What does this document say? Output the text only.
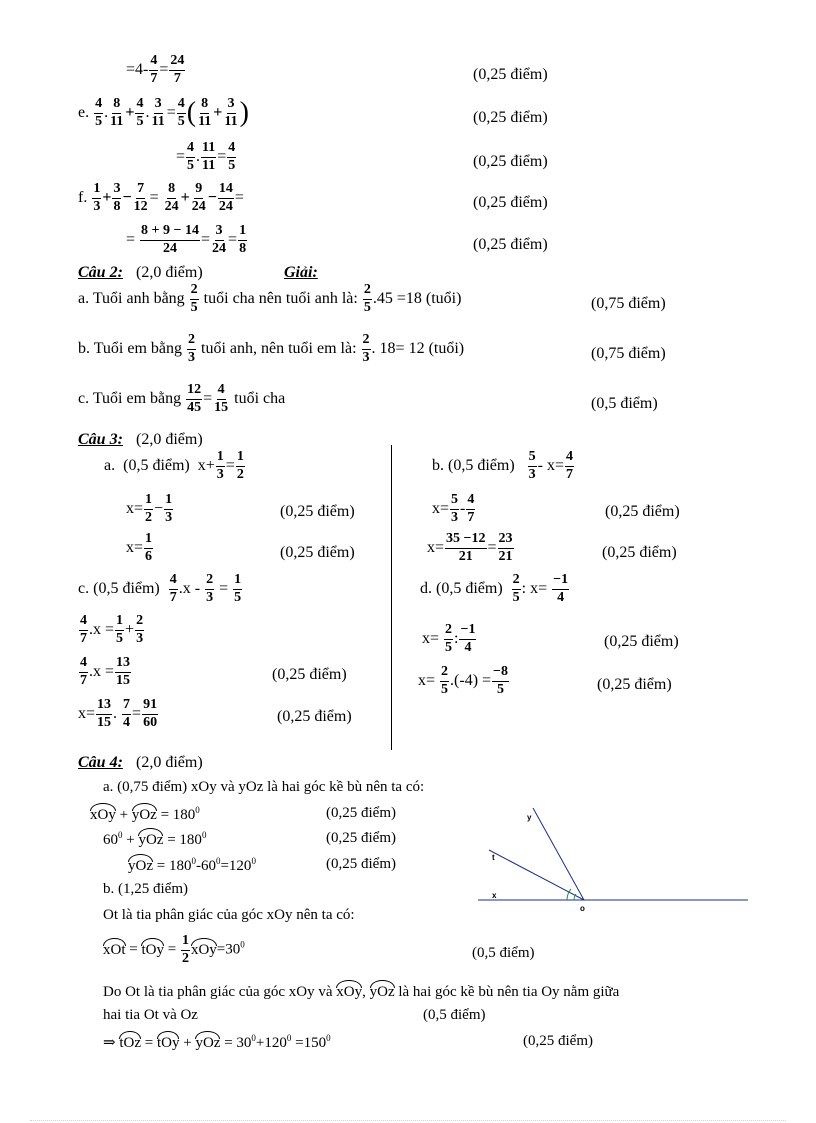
$=4- \frac{4}{7} = \frac{24}{7}$	(0,25 điểm)
e. $\frac{4}{5}$ . $\frac{8}{11} + \frac{4}{5}$ . $\frac{3}{11} = \frac{4}{5}$ ( $\frac{8}{11} + \frac{3}{11}$ )	(0,25 điểm)
= $\frac{4}{5}$ . $\frac{11}{11} = \frac{4}{5}$	(0,25 điểm)
f. $\frac{1}{3} + \frac{3}{8} - \frac{7}{12} = \frac{8}{24} + \frac{9}{24} - \frac{14}{24}$ =	(0,25 điểm)
= $\frac{8 + 9 - 14}{24} = \frac{3}{24} = \frac{1}{8}$	(0,25 điểm)
Câu 2: (2,0 điểm)	Giải:
a. Tuổi anh bằng $\frac{2}{5}$ tuổi cha nên tuổi anh là: $\frac{2}{5} .45 =18$ (tuổi)	(0,75 điểm)
b. Tuổi em bằng $\frac{2}{3}$ tuổi anh, nên tuổi em là: $\frac{2}{3}$ . 18= 12 (tuổi)	(0,75 điểm)
c. Tuổi em bằng $\frac{12}{45} = \frac{4}{15}$ tuổi cha	(0,5 điểm)
Câu 3: (2,0 điểm)
a. (0,5 điểm) $x+ \frac{1}{3} = \frac{1}{2}$
$x= \frac{1}{2} - \frac{1}{3}$	(0,25 điểm)
$x= \frac{1}{6}$	(0,25 điểm)
b. (0,5 điểm) $\frac{5}{3} - x= \frac{4}{7}$
$x= \frac{5}{3} - \frac{4}{7}$	(0,25 điểm)
$x= \frac{35 -12}{21} = \frac{23}{21}$	(0,25 điểm)
c. (0,5 điểm) $\frac{4}{7} .x - \frac{2}{3} = \frac{1}{5}$
$\frac{4}{7} .x = \frac{1}{5} + \frac{2}{3}$
$\frac{4}{7} .x = \frac{13}{15}$	(0,25 điểm)
$x= \frac{13}{15}$ . $\frac{7}{4} = \frac{91}{60}$	(0,25 điểm)
d. (0,5 điểm) $\frac{2}{5}$ : $x= \frac{-1}{4}$
$x= \frac{2}{5}$ : $\frac{-1}{4}$	(0,25 điểm)
$x= \frac{2}{5} .(-4) = \frac{-8}{5}$	(0,25 điểm)
Câu 4: (2,0 điểm)
a. (0,75 điểm) xOy và yOz là hai góc kề bù nên ta có:
xOy + yOz = $180^0$	(0,25 điểm)
$60^0$ + yOz = $180^0$	(0,25 điểm)
yOz = $180^0-60^0=120^0$	(0,25 điểm)
b. (1,25 điểm)
Ot là tia phân giác của góc xOy nên ta có:
xOt = tOy = $\frac{1}{2} xOy=30^0$
(0,5 điểm)
Do Ot là tia phân giác của góc xOy và xOy, yOz là hai góc kề bù nên tia Oy nằm giữa
hai tia Ot và Oz	(0,5 điểm)
⇒ tOz = tOy + yOz = $30^0+120^0 =150^0$	(0,25 điểm)
y
t
x
o
